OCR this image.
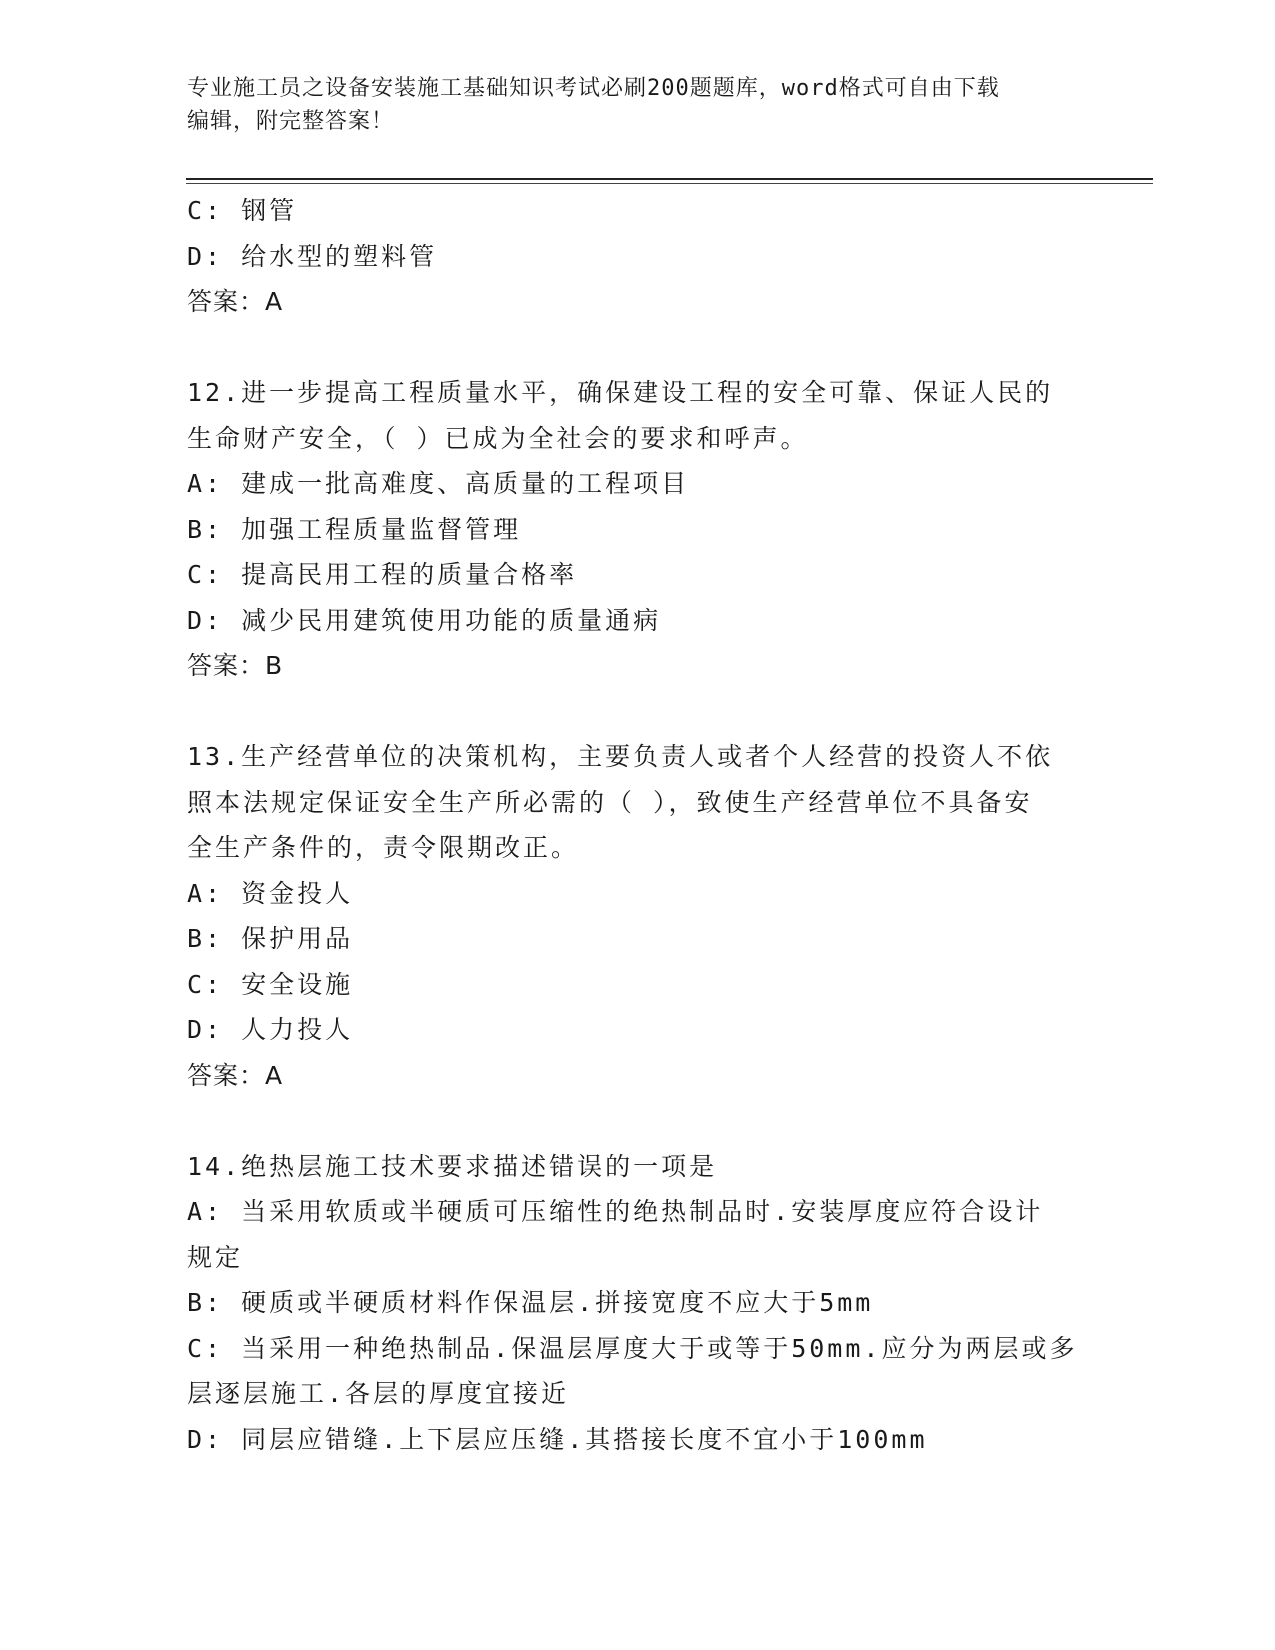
专业施工员之设备安装施工基础知识考试必刷200题题库，word格式可自由下载
编辑，附完整答案！
C: 钢管
D: 给水型的塑料管
答案：A
12.进一步提高工程质量水平，确保建设工程的安全可靠、保证人民的
生命财产安全，（ ）已成为全社会的要求和呼声。
A: 建成一批高难度、高质量的工程项目
B: 加强工程质量监督管理
C: 提高民用工程的质量合格率
D: 减少民用建筑使用功能的质量通病
答案：B
13.生产经营单位的决策机构，主要负责人或者个人经营的投资人不依
照本法规定保证安全生产所必需的（ ），致使生产经营单位不具备安
全生产条件的，责令限期改正。
A: 资金投人
B: 保护用品
C: 安全设施
D: 人力投人
答案：A
14.绝热层施工技术要求描述错误的一项是
A: 当采用软质或半硬质可压缩性的绝热制品时.安装厚度应符合设计
规定
B: 硬质或半硬质材料作保温层.拼接宽度不应大于5mm
C: 当采用一种绝热制品.保温层厚度大于或等于50mm.应分为两层或多
层逐层施工.各层的厚度宜接近
D: 同层应错缝.上下层应压缝.其搭接长度不宜小于100mm
